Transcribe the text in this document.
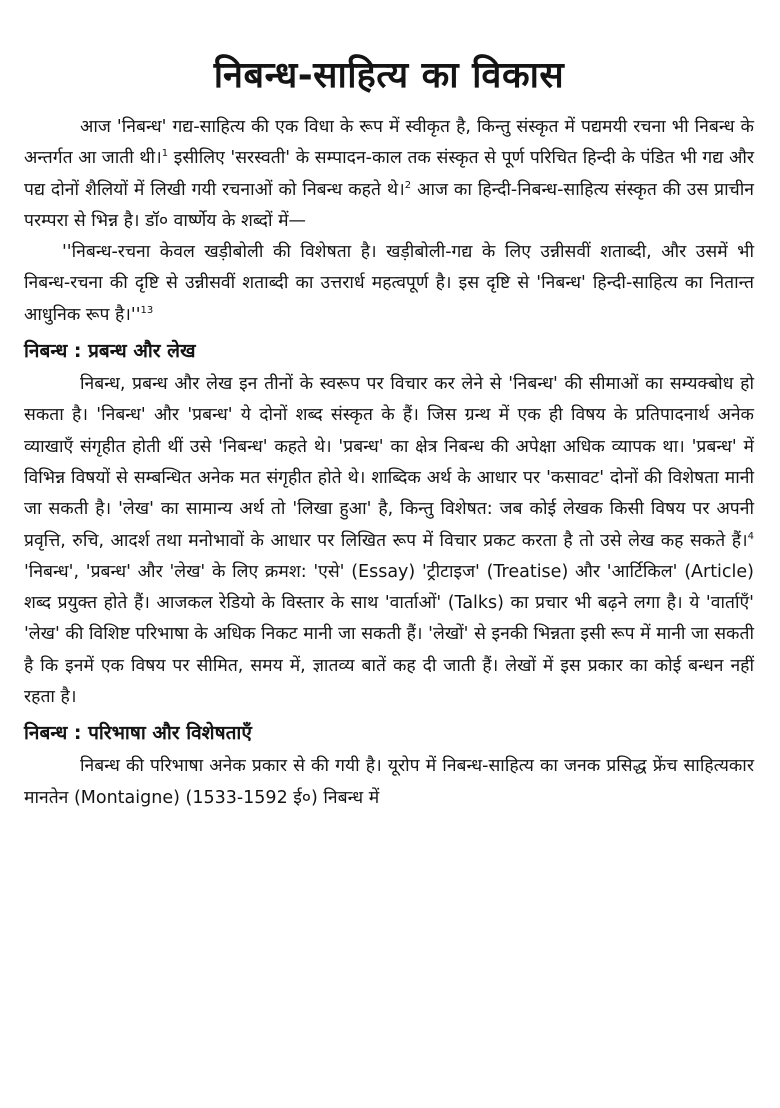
निबन्ध-साहित्य का विकास

आज 'निबन्ध' गद्य-साहित्य की एक विधा के रूप में स्वीकृत है, किन्तु संस्कृत में पद्यमयी रचना भी निबन्ध के अन्तर्गत आ जाती थी।$^1$ इसीलिए 'सरस्वती' के सम्पादन-काल तक संस्कृत से पूर्ण परिचित हिन्दी के पंडित भी गद्य और पद्य दोनों शैलियों में लिखी गयी रचनाओं को निबन्ध कहते थे।$^2$ आज का हिन्दी-निबन्ध-साहित्य संस्कृत की उस प्राचीन परम्परा से भिन्न है। डॉ० वार्ष्णेय के शब्दों में—

''निबन्ध-रचना केवल खड़ीबोली की विशेषता है। खड़ीबोली-गद्य के लिए उन्नीसवीं शताब्दी, और उसमें भी निबन्ध-रचना की दृष्टि से उन्नीसवीं शताब्दी का उत्तरार्ध महत्वपूर्ण है। इस दृष्टि से 'निबन्ध' हिन्दी-साहित्य का नितान्त आधुनिक रूप $है।''^{13}$

निबन्ध : प्रबन्ध और लेख

निबन्ध, प्रबन्ध और लेख इन तीनों के स्वरूप पर विचार कर लेने से 'निबन्ध' की सीमाओं का सम्यक्बोध हो सकता है। 'निबन्ध' और 'प्रबन्ध' ये दोनों शब्द संस्कृत के हैं। जिस ग्रन्थ में एक ही विषय के प्रतिपादनार्थ अनेक व्याखाएँ संगृहीत होती थीं उसे 'निबन्ध' कहते थे। 'प्रबन्ध' का क्षेत्र निबन्ध की अपेक्षा अधिक व्यापक था। 'प्रबन्ध' में विभिन्न विषयों से सम्बन्धित अनेक मत संगृहीत होते थे। शाब्दिक अर्थ के आधार पर 'कसावट' दोनों की विशेषता मानी जा सकती है। 'लेख' का सामान्य अर्थ तो 'लिखा हुआ' है, किन्तु विशेषत: जब कोई लेखक किसी विषय पर अपनी प्रवृत्ति, रुचि, आदर्श तथा मनोभावों के आधार पर लिखित रूप में विचार प्रकट करता है तो उसे लेख कह सकते हैं।$^4$ 'निबन्ध', 'प्रबन्ध' और 'लेख' के लिए क्रमश: 'एसे' (Essay) 'ट्रीटाइज' (Treatise) और 'आर्टिकिल' (Article) शब्द प्रयुक्त होते हैं। आजकल रेडियो के विस्तार के साथ 'वार्ताओं' (Talks) का प्रचार भी बढ़ने लगा है। ये 'वार्ताएँ' 'लेख' की विशिष्ट परिभाषा के अधिक निकट मानी जा सकती हैं। 'लेखों' से इनकी भिन्नता इसी रूप में मानी जा सकती है कि इनमें एक विषय पर सीमित, समय में, ज्ञातव्य बातें कह दी जाती हैं। लेखों में इस प्रकार का कोई बन्धन नहीं रहता है।

निबन्ध : परिभाषा और विशेषताएँ

निबन्ध की परिभाषा अनेक प्रकार से की गयी है। यूरोप में निबन्ध-साहित्य का जनक प्रसिद्ध फ्रेंच साहित्यकार मानतेन (Montaigne) (1533-1592 ई०) निबन्ध में
